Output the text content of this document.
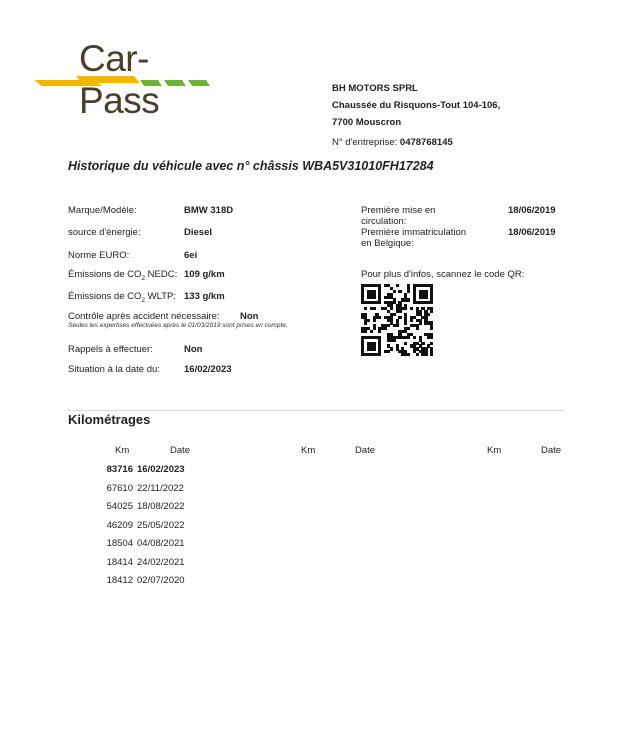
Car-Pass	BH MOTORS SPRL
Chaussée du Risquons-Tout 104-106,
7700 Mouscron
N° d'entreprise: 0478768145
Historique du véhicule avec n° châssis WBA5V31010FH17284
Marque/Modèle:	BMW 318D
source d'énergie:	Diesel
Norme EURO:	6ei
Émissions de $CO_2$ NEDC: 109 g/km
Émissions de $CO_2$ WLTP: 133 g/km
Contrôle après accident nécessaire: Non
Seules les expertises effectuées après le 01/03/2019 sont prises en compte.
Rappels à effectuer:	Non
Situation à la date du:	16/02/2023
Première mise en
circulation:
18/06/2019
Première immatriculation
en Belgique:
18/06/2019
Pour plus d'infos, scannez le code QR:
Kilométrages
Km	Date	Km	Date	Km	Date
83716 16/02/2023
67610 22/11/2022
54025 18/08/2022
46209 25/05/2022
18504 04/08/2021
18414 24/02/2021
18412 02/07/2020
